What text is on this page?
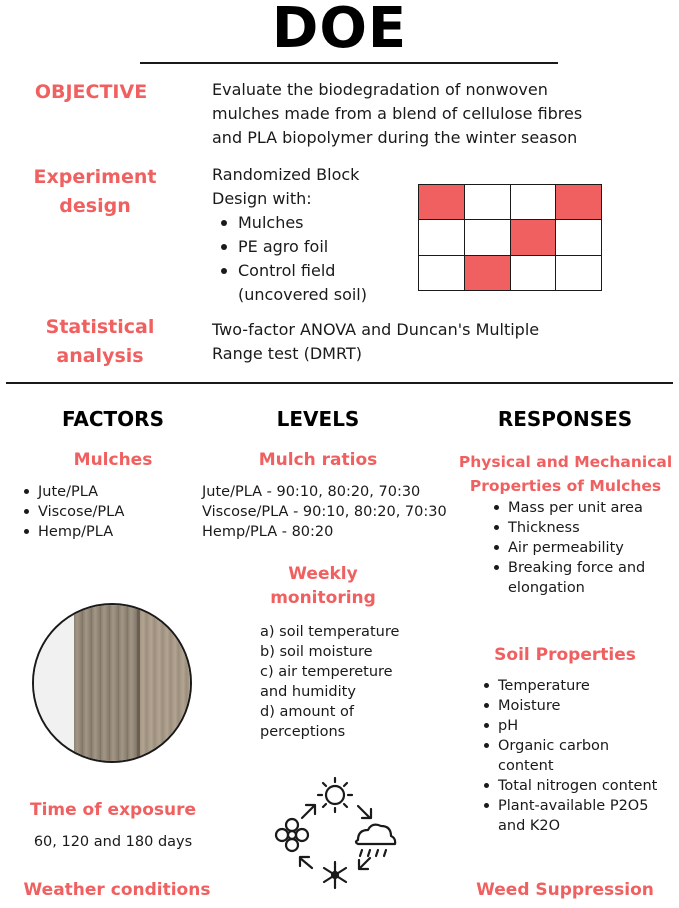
DOE
OBJECTIVE	Evaluate the biodegradation of nonwoven mulches made from a blend of cellulose fibres and PLA biopolymer during the winter season
Experiment design
Randomized Block Design with:
Mulches
PE agro foil
Control field (uncovered soil)
Statistical analysis
Two-factor ANOVA and Duncan's Multiple Range test (DMRT)
FACTORS
Mulches
Jute/PLA
Viscose/PLA
Hemp/PLA
Time of exposure
60, 120 and 180 days
Weather conditions
LEVELS
Mulch ratios
Jute/PLA - 90:10, 80:20, 70:30
Viscose/PLA - 90:10, 80:20, 70:30
Hemp/PLA - 80:20
Weekly monitoring
a) soil temperature
b) soil moisture
c) air tempereture and humidity
d) amount of perceptions
RESPONSES
Physical and Mechanical Properties of Mulches
Mass per unit area
Thickness
Air permeability
Breaking force and elongation
Soil Properties
Temperature
Moisture
pH
Organic carbon content
Total nitrogen content
Plant-available P2O5 and K2O
Weed Suppression
